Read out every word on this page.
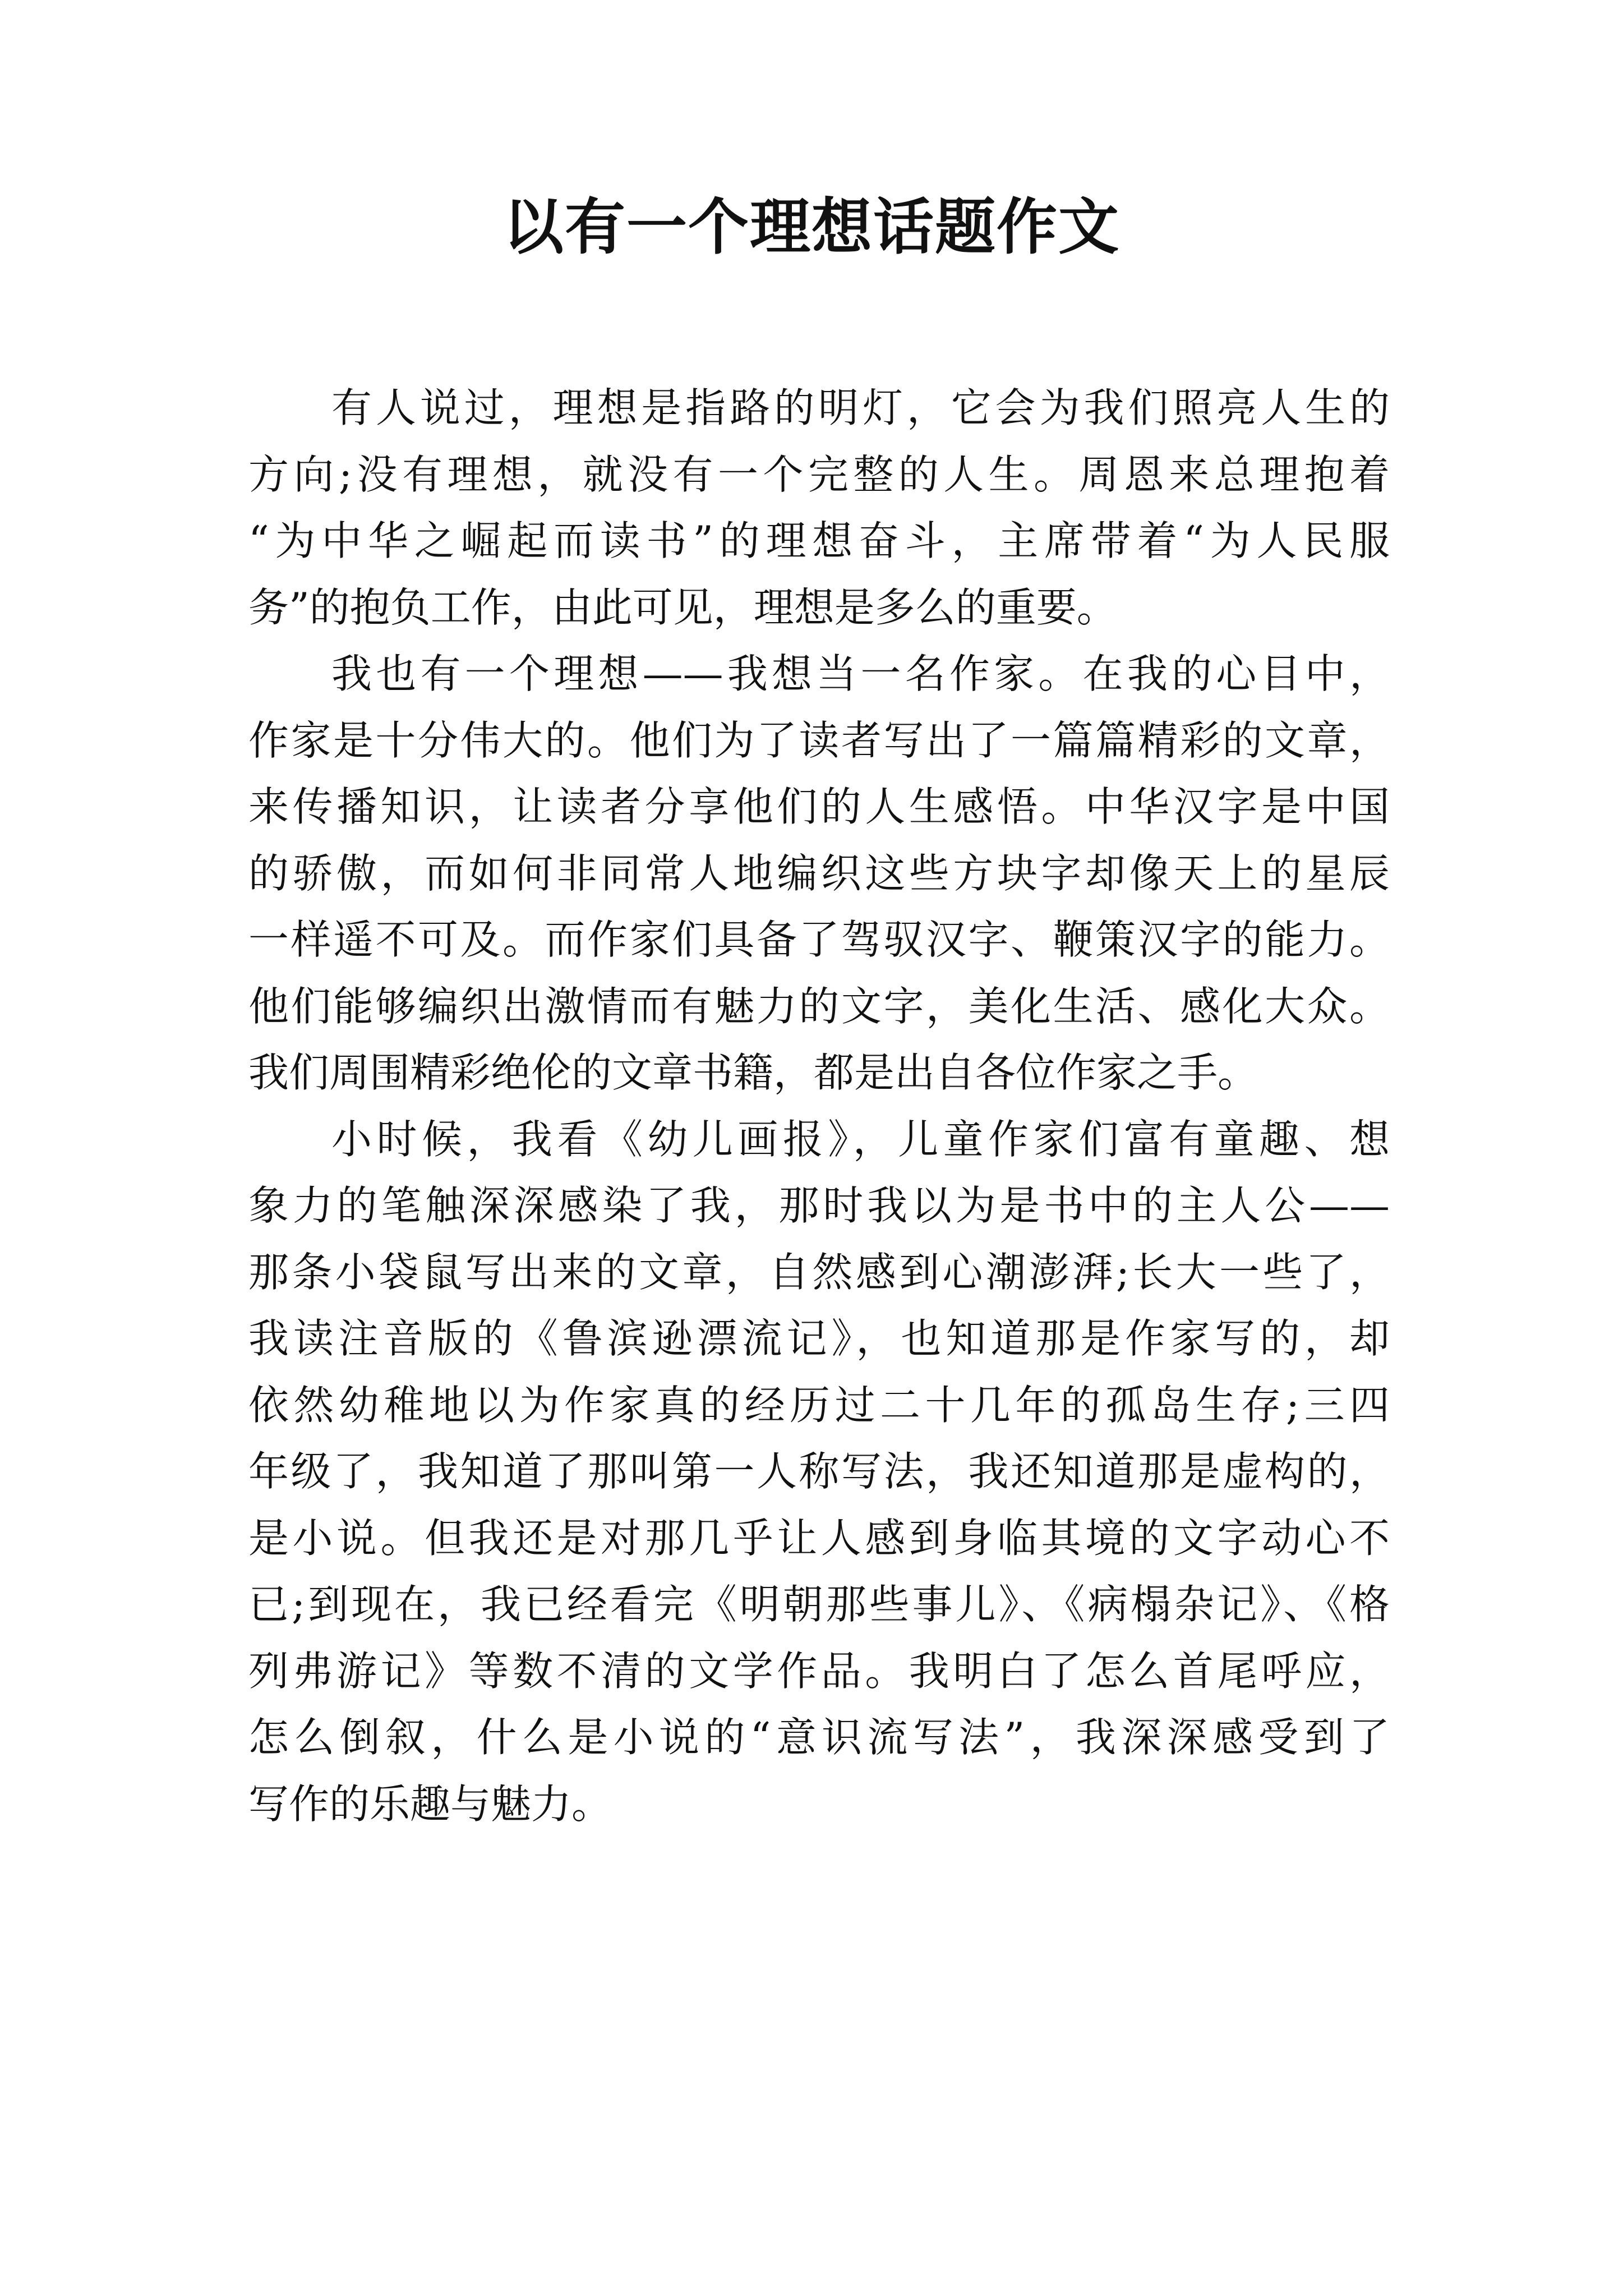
以有一个理想话题作文
有人说过，理想是指路的明灯，它会为我们照亮人生的
方向;没有理想，就没有一个完整的人生。周恩来总理抱着
“为中华之崛起而读书”的理想奋斗，主席带着“为人民服
务”的抱负工作，由此可见，理想是多么的重要。
我也有一个理想——我想当一名作家。在我的心目中，
作家是十分伟大的。他们为了读者写出了一篇篇精彩的文章，
来传播知识，让读者分享他们的人生感悟。中华汉字是中国
的骄傲，而如何非同常人地编织这些方块字却像天上的星辰
一样遥不可及。而作家们具备了驾驭汉字、鞭策汉字的能力。
他们能够编织出激情而有魅力的文字，美化生活、感化大众。
我们周围精彩绝伦的文章书籍，都是出自各位作家之手。
小时候，我看《幼儿画报》，儿童作家们富有童趣、想
象力的笔触深深感染了我，那时我以为是书中的主人公——
那条小袋鼠写出来的文章，自然感到心潮澎湃;长大一些了，
我读注音版的《鲁滨逊漂流记》，也知道那是作家写的，却
依然幼稚地以为作家真的经历过二十几年的孤岛生存;三四
年级了，我知道了那叫第一人称写法，我还知道那是虚构的，
是小说。但我还是对那几乎让人感到身临其境的文字动心不
已;到现在，我已经看完《明朝那些事儿》、《病榻杂记》、《格
列弗游记》等数不清的文学作品。我明白了怎么首尾呼应，
怎么倒叙，什么是小说的“意识流写法”，我深深感受到了
写作的乐趣与魅力。
